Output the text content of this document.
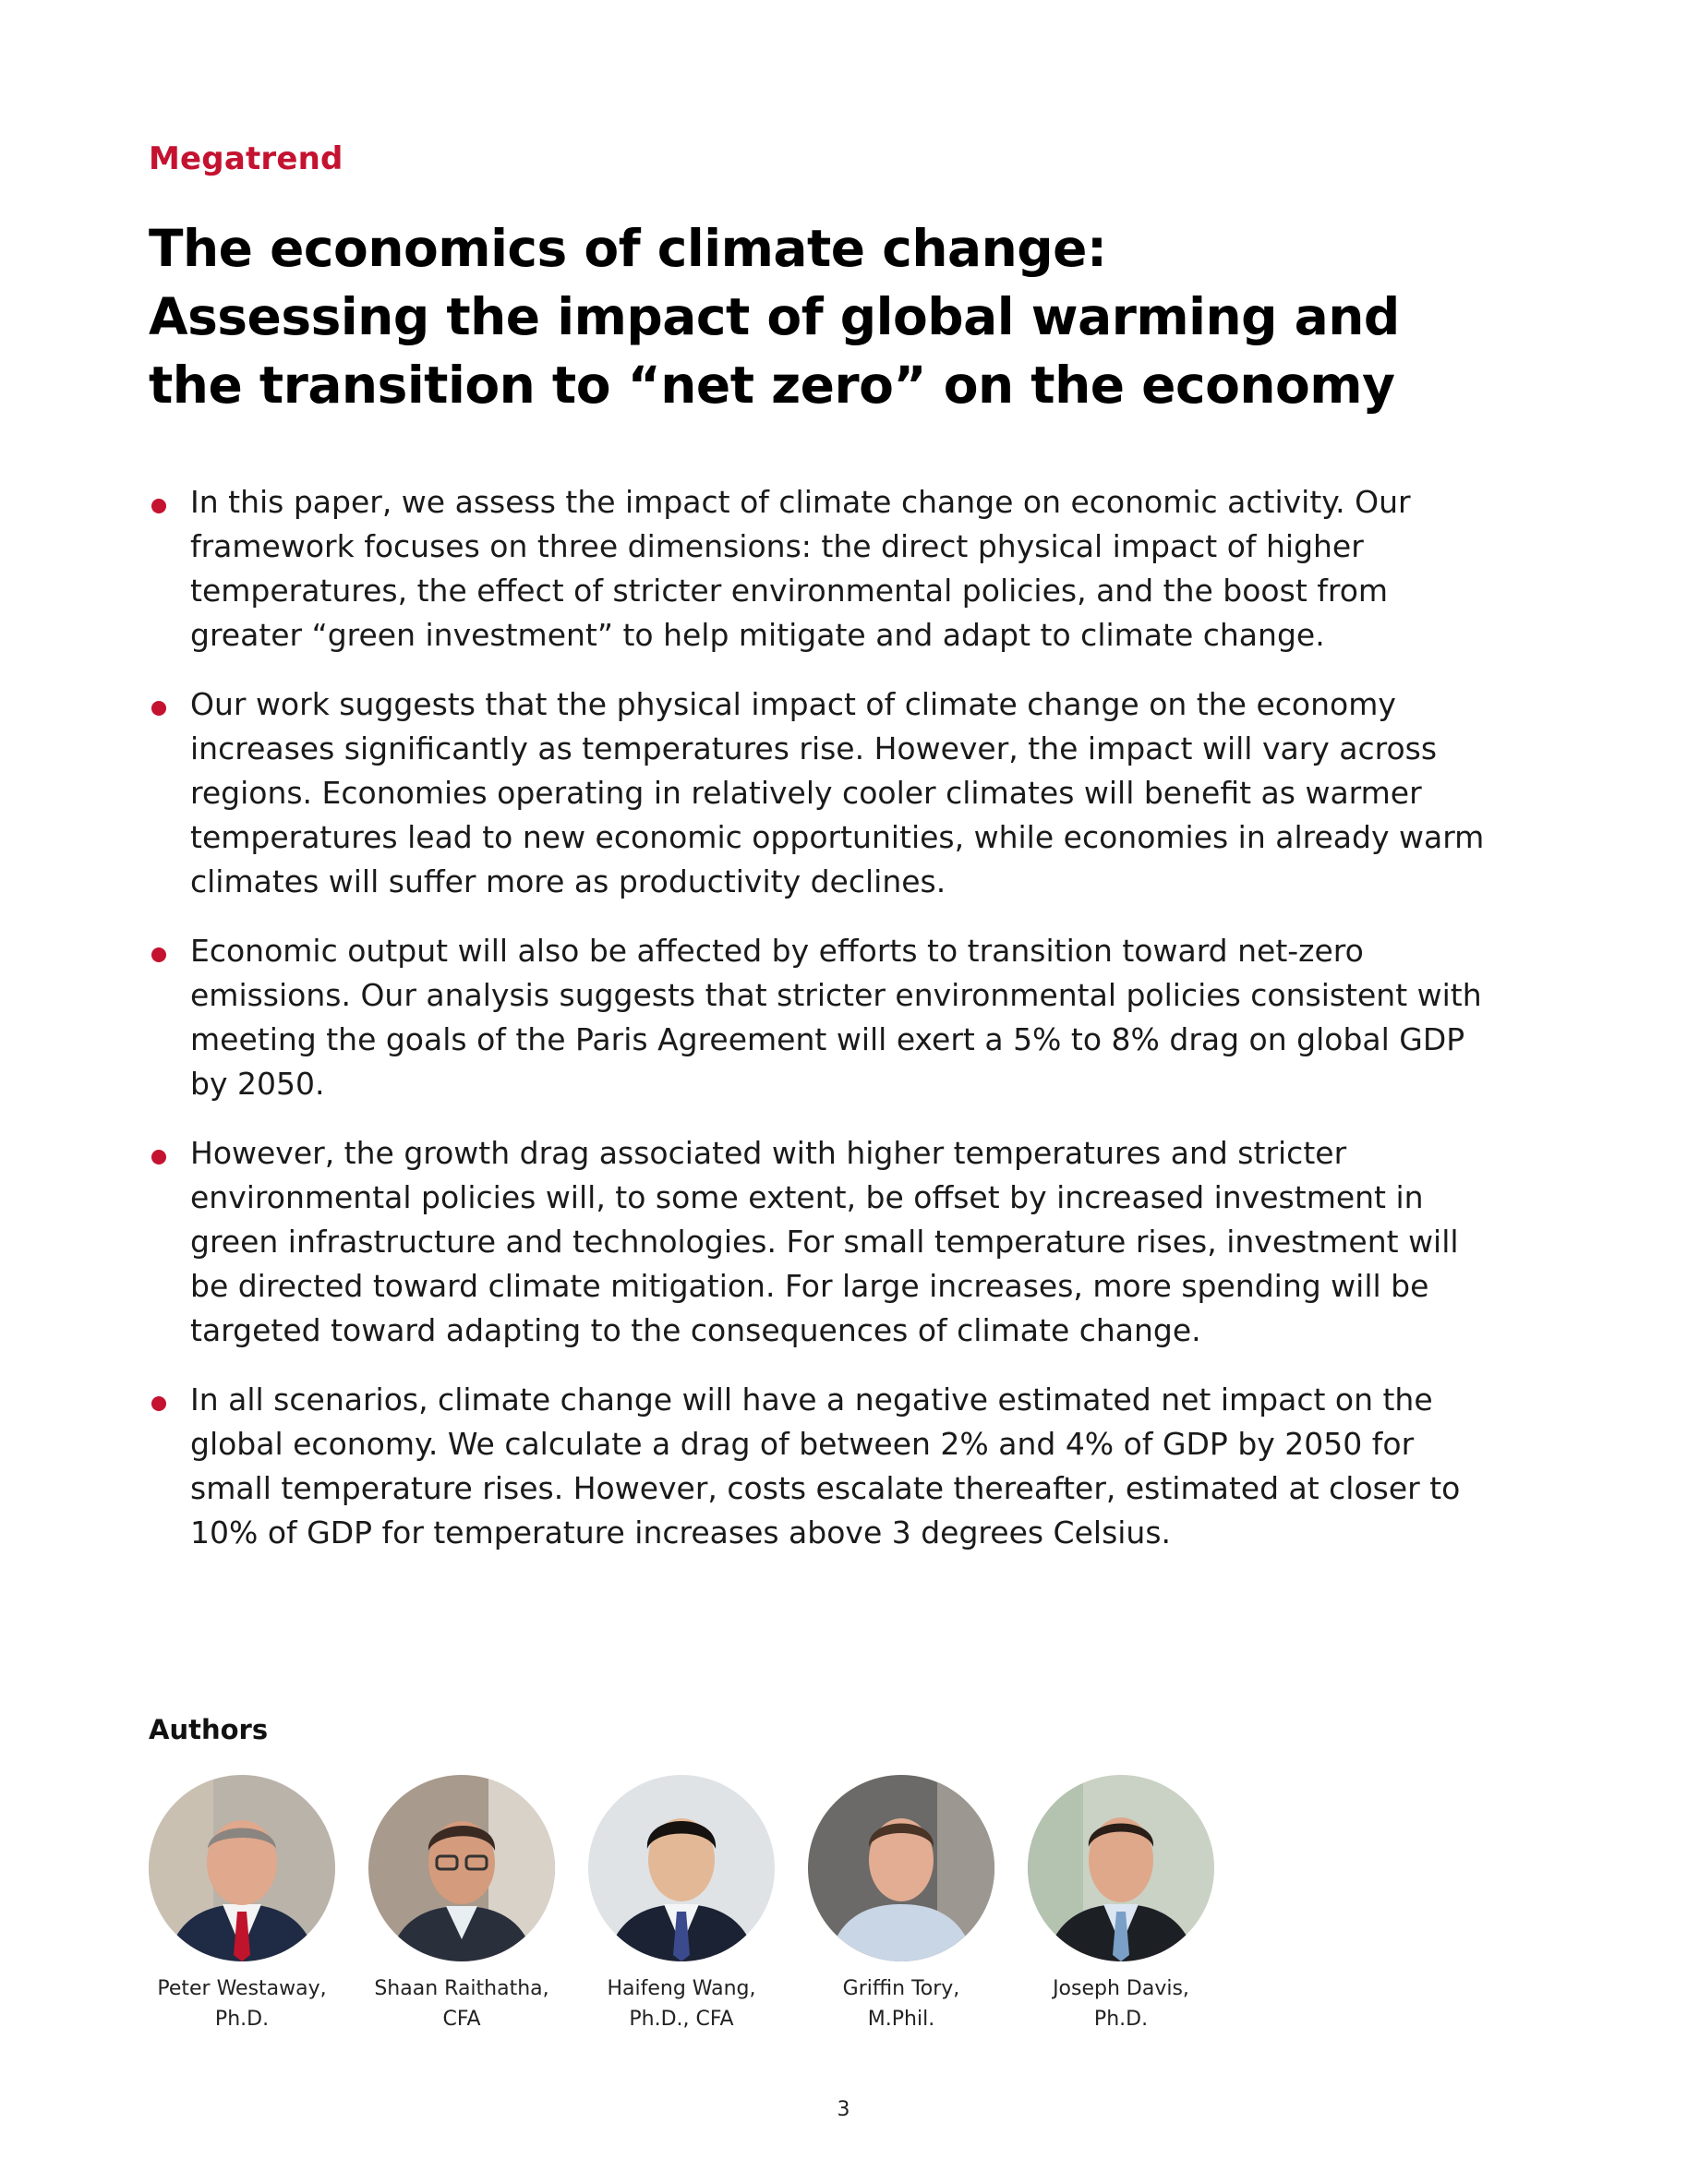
Megatrend
The economics of climate change:
Assessing the impact of global warming and
the transition to “net zero” on the economy
In this paper, we assess the impact of climate change on economic activity. Our framework focuses on three dimensions: the direct physical impact of higher temperatures, the effect of stricter environmental policies, and the boost from greater “green investment” to help mitigate and adapt to climate change.
Our work suggests that the physical impact of climate change on the economy increases significantly as temperatures rise. However, the impact will vary across regions. Economies operating in relatively cooler climates will benefit as warmer temperatures lead to new economic opportunities, while economies in already warm climates will suffer more as productivity declines.
Economic output will also be affected by efforts to transition toward net-zero emissions. Our analysis suggests that stricter environmental policies consistent with meeting the goals of the Paris Agreement will exert a 5% to 8% drag on global GDP by 2050.
However, the growth drag associated with higher temperatures and stricter environmental policies will, to some extent, be offset by increased investment in green infrastructure and technologies. For small temperature rises, investment will be directed toward climate mitigation. For large increases, more spending will be targeted toward adapting to the consequences of climate change.
In all scenarios, climate change will have a negative estimated net impact on the global economy. We calculate a drag of between 2% and 4% of GDP by 2050 for small temperature rises. However, costs escalate thereafter, estimated at closer to 10% of GDP for temperature increases above 3 degrees Celsius.
Authors
Peter Westaway,
Ph.D.
Shaan Raithatha,
CFA
Haifeng Wang,
Ph.D., CFA
Griffin Tory,
M.Phil.
Joseph Davis,
Ph.D.
3
